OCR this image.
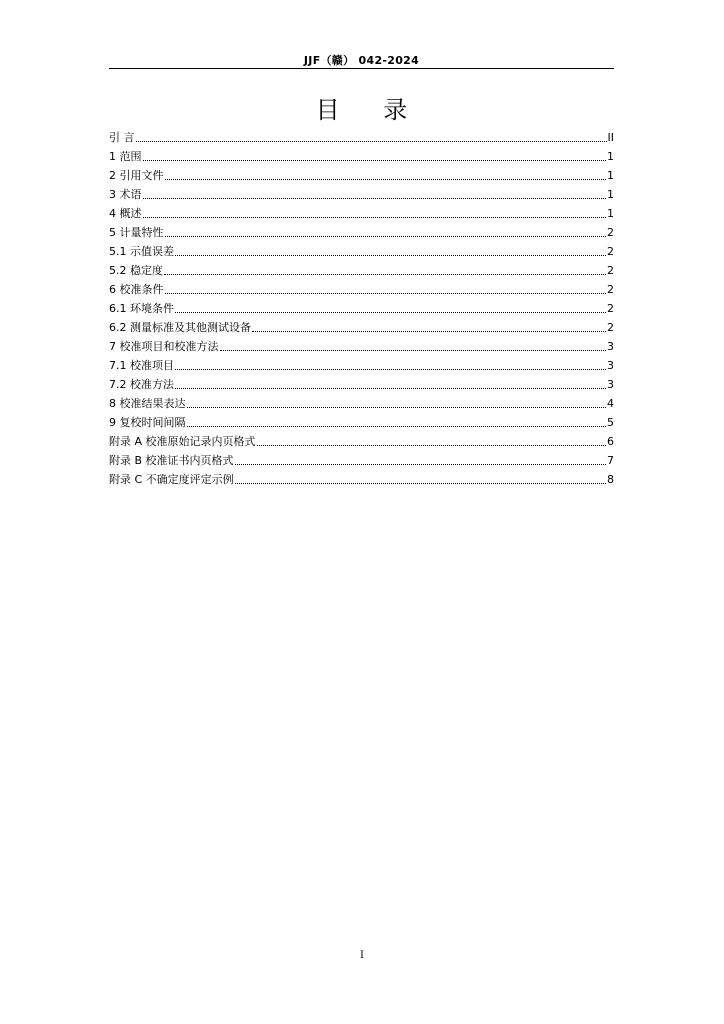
JJF（赣） 042-2024
目 录
引 言	II
1 范围	1
2 引用文件	1
3 术语	1
4 概述	1
5 计量特性	2
5.1 示值误差	2
5.2 稳定度	2
6 校准条件	2
6.1 环境条件	2
6.2 测量标准及其他测试设备	2
7 校准项目和校准方法	3
7.1 校准项目	3
7.2 校准方法	3
8 校准结果表达	4
9 复校时间间隔	5
附录 A 校准原始记录内页格式	6
附录 B 校准证书内页格式	7
附录 C 不确定度评定示例	8
I
